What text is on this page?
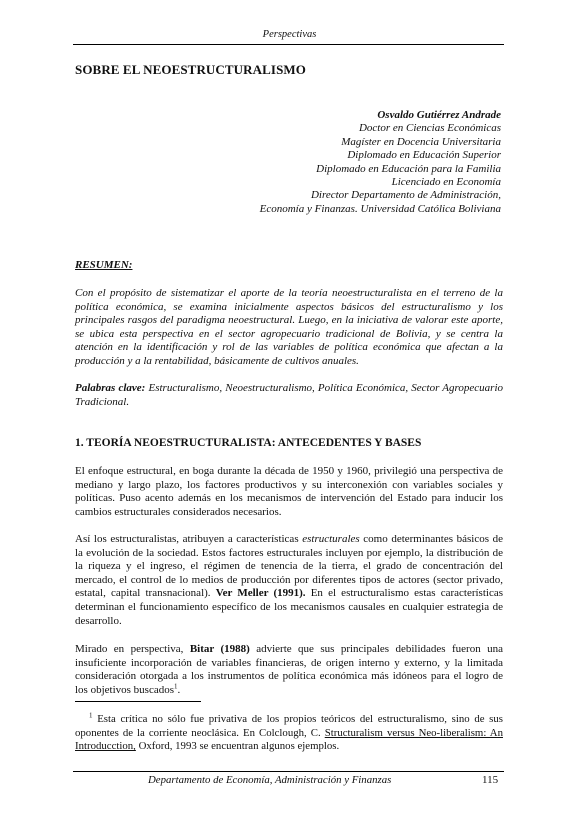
Perspectivas
SOBRE EL NEOESTRUCTURALISMO
Osvaldo Gutiérrez Andrade
Doctor en Ciencias Económicas
Magíster en Docencia Universitaria
Diplomado en Educación Superior
Diplomado en Educación para la Familia
Licenciado en Economía
Director Departamento de Administración,
Economía y Finanzas. Universidad Católica Boliviana
RESUMEN:
Con el propósito de sistematizar el aporte de la teoría neoestructuralista en el terreno de la política económica, se examina inicialmente aspectos básicos del estructuralismo y los principales rasgos del paradigma neoestructural. Luego, en la iniciativa de valorar este aporte, se ubica esta perspectiva en el sector agropecuario tradicional de Bolivia, y se centra la atención en la identificación y rol de las variables de política económica que afectan a la producción y a la rentabilidad, básicamente de cultivos anuales.
Palabras clave: Estructuralismo, Neoestructuralismo, Política Económica, Sector Agropecuario Tradicional.
1. TEORÍA NEOESTRUCTURALISTA: ANTECEDENTES Y BASES
El enfoque estructural, en boga durante la década de 1950 y 1960, privilegió una perspectiva de mediano y largo plazo, los factores productivos y su interconexión con variables sociales y políticas. Puso acento además en los mecanismos de intervención del Estado para inducir los cambios estructurales considerados necesarios.
Así los estructuralistas, atribuyen a características estructurales como determinantes básicos de la evolución de la sociedad. Estos factores estructurales incluyen por ejemplo, la distribución de la riqueza y el ingreso, el régimen de tenencia de la tierra, el grado de concentración del mercado, el control de lo medios de producción por diferentes tipos de actores (sector privado, estatal, capital transnacional). Ver Meller (1991). En el estructuralismo estas características determinan el funcionamiento específico de los mecanismos causales en cualquier estrategia de desarrollo.
Mirado en perspectiva, Bitar (1988) advierte que sus principales debilidades fueron una insuficiente incorporación de variables financieras, de origen interno y externo, y la limitada consideración otorgada a los instrumentos de política económica más idóneos para el logro de los objetivos buscados$^1$.
$^1$ Esta crítica no sólo fue privativa de los propios teóricos del estructuralismo, sino de sus oponentes de la corriente neoclásica. En Colclough, C. Structuralism versus Neo-liberalism: An Introducction, Oxford, 1993 se encuentran algunos ejemplos.
Departamento de Economía, Administración y Finanzas	115
